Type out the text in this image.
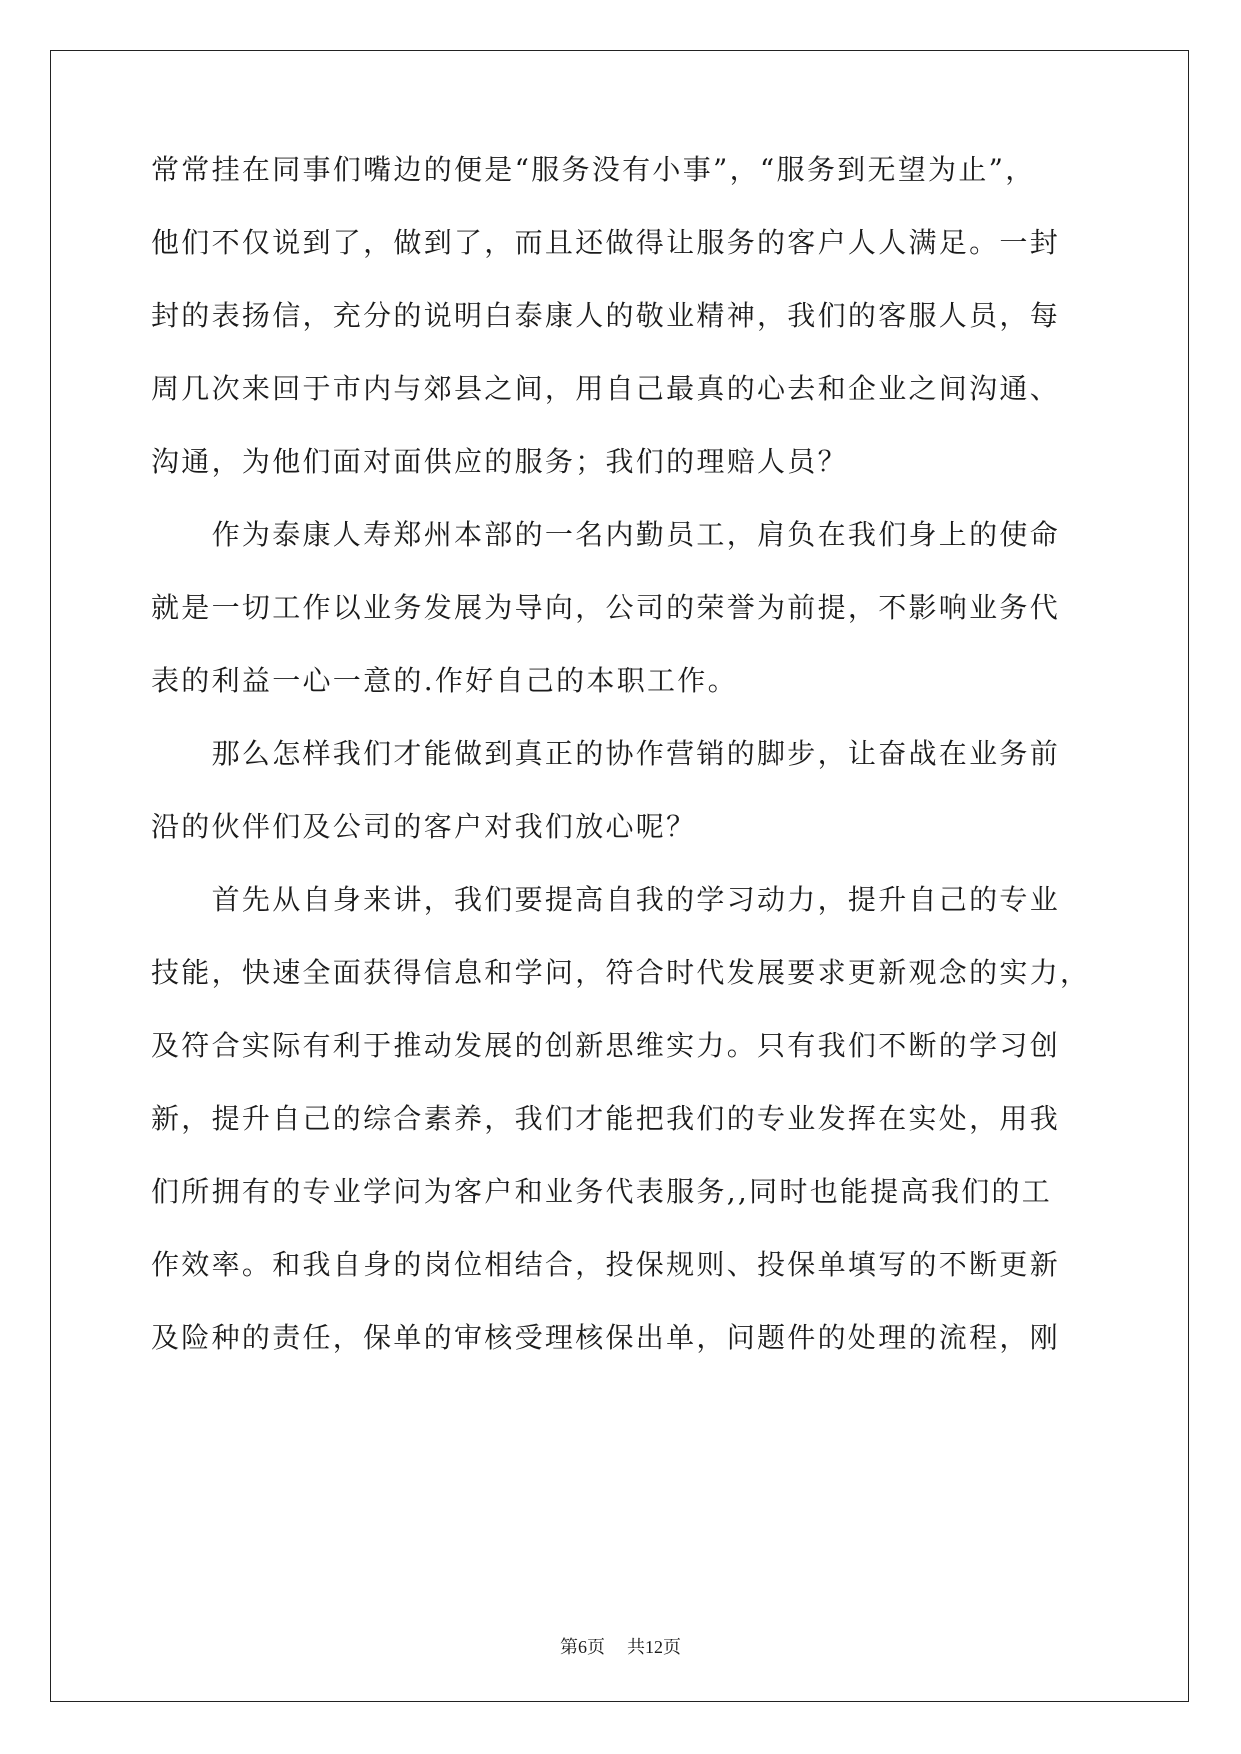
常常挂在同事们嘴边的便是“服务没有小事”，“服务到无望为止”，
他们不仅说到了，做到了，而且还做得让服务的客户人人满足。一封
封的表扬信，充分的说明白泰康人的敬业精神，我们的客服人员，每
周几次来回于市内与郊县之间，用自己最真的心去和企业之间沟通、
沟通，为他们面对面供应的服务；我们的理赔人员？
　　作为泰康人寿郑州本部的一名内勤员工，肩负在我们身上的使命
就是一切工作以业务发展为导向，公司的荣誉为前提，不影响业务代
表的利益一心一意的.作好自己的本职工作。
　　那么怎样我们才能做到真正的协作营销的脚步，让奋战在业务前
沿的伙伴们及公司的客户对我们放心呢？
　　首先从自身来讲，我们要提高自我的学习动力，提升自己的专业
技能，快速全面获得信息和学问，符合时代发展要求更新观念的实力，
及符合实际有利于推动发展的创新思维实力。只有我们不断的学习创
新，提升自己的综合素养，我们才能把我们的专业发挥在实处，用我
们所拥有的专业学问为客户和业务代表服务,,同时也能提高我们的工
作效率。和我自身的岗位相结合，投保规则、投保单填写的不断更新
及险种的责任，保单的审核受理核保出单，问题件的处理的流程，刚
第6页 共12页
